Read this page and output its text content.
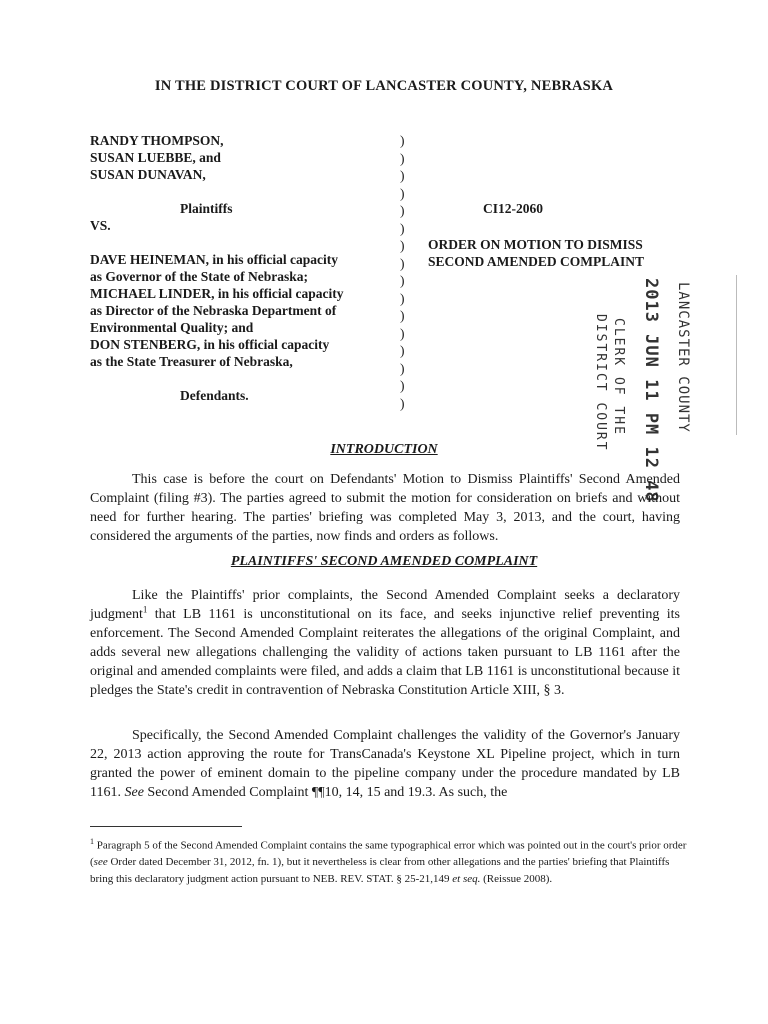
IN THE DISTRICT COURT OF LANCASTER COUNTY, NEBRASKA
RANDY THOMPSON,
SUSAN LUEBBE, and
SUSAN DUNAVAN,
Plaintiffs
VS.
DAVE HEINEMAN, in his official capacity
as Governor of the State of Nebraska;
MICHAEL LINDER, in his official capacity
as Director of the Nebraska Department of
Environmental Quality; and
DON STENBERG, in his official capacity
as the State Treasurer of Nebraska,
Defendants.
)
)
)
)
)
)
)
)
)
)
)
)
)
)
)
)
CI12-2060
ORDER ON MOTION TO DISMISS
SECOND AMENDED COMPLAINT
LANCASTER COUNTY
2013 JUN 11 PM 12 48
CLERK OF THE
DISTRICT COURT
INTRODUCTION
This case is before the court on Defendants' Motion to Dismiss Plaintiffs' Second Amended Complaint (filing #3). The parties agreed to submit the motion for consideration on briefs and without need for further hearing. The parties' briefing was completed May 3, 2013, and the court, having considered the arguments of the parties, now finds and orders as follows.
PLAINTIFFS' SECOND AMENDED COMPLAINT
Like the Plaintiffs' prior complaints, the Second Amended Complaint seeks a declaratory judgment$^1$ that LB 1161 is unconstitutional on its face, and seeks injunctive relief preventing its enforcement. The Second Amended Complaint reiterates the allegations of the original Complaint, and adds several new allegations challenging the validity of actions taken pursuant to LB 1161 after the original and amended complaints were filed, and adds a claim that LB 1161 is unconstitutional because it pledges the State's credit in contravention of Nebraska Constitution Article XIII, § 3.
Specifically, the Second Amended Complaint challenges the validity of the Governor's January 22, 2013 action approving the route for TransCanada's Keystone XL Pipeline project, which in turn granted the power of eminent domain to the pipeline company under the procedure mandated by LB 1161. See Second Amended Complaint ¶¶10, 14, 15 and 19.3. As such, the
$^1$ Paragraph 5 of the Second Amended Complaint contains the same typographical error which was pointed out in the court's prior order (see Order dated December 31, 2012, fn. 1), but it nevertheless is clear from other allegations and the parties' briefing that Plaintiffs bring this declaratory judgment action pursuant to NEB. REV. STAT. § 25-21,149 et seq. (Reissue 2008).
